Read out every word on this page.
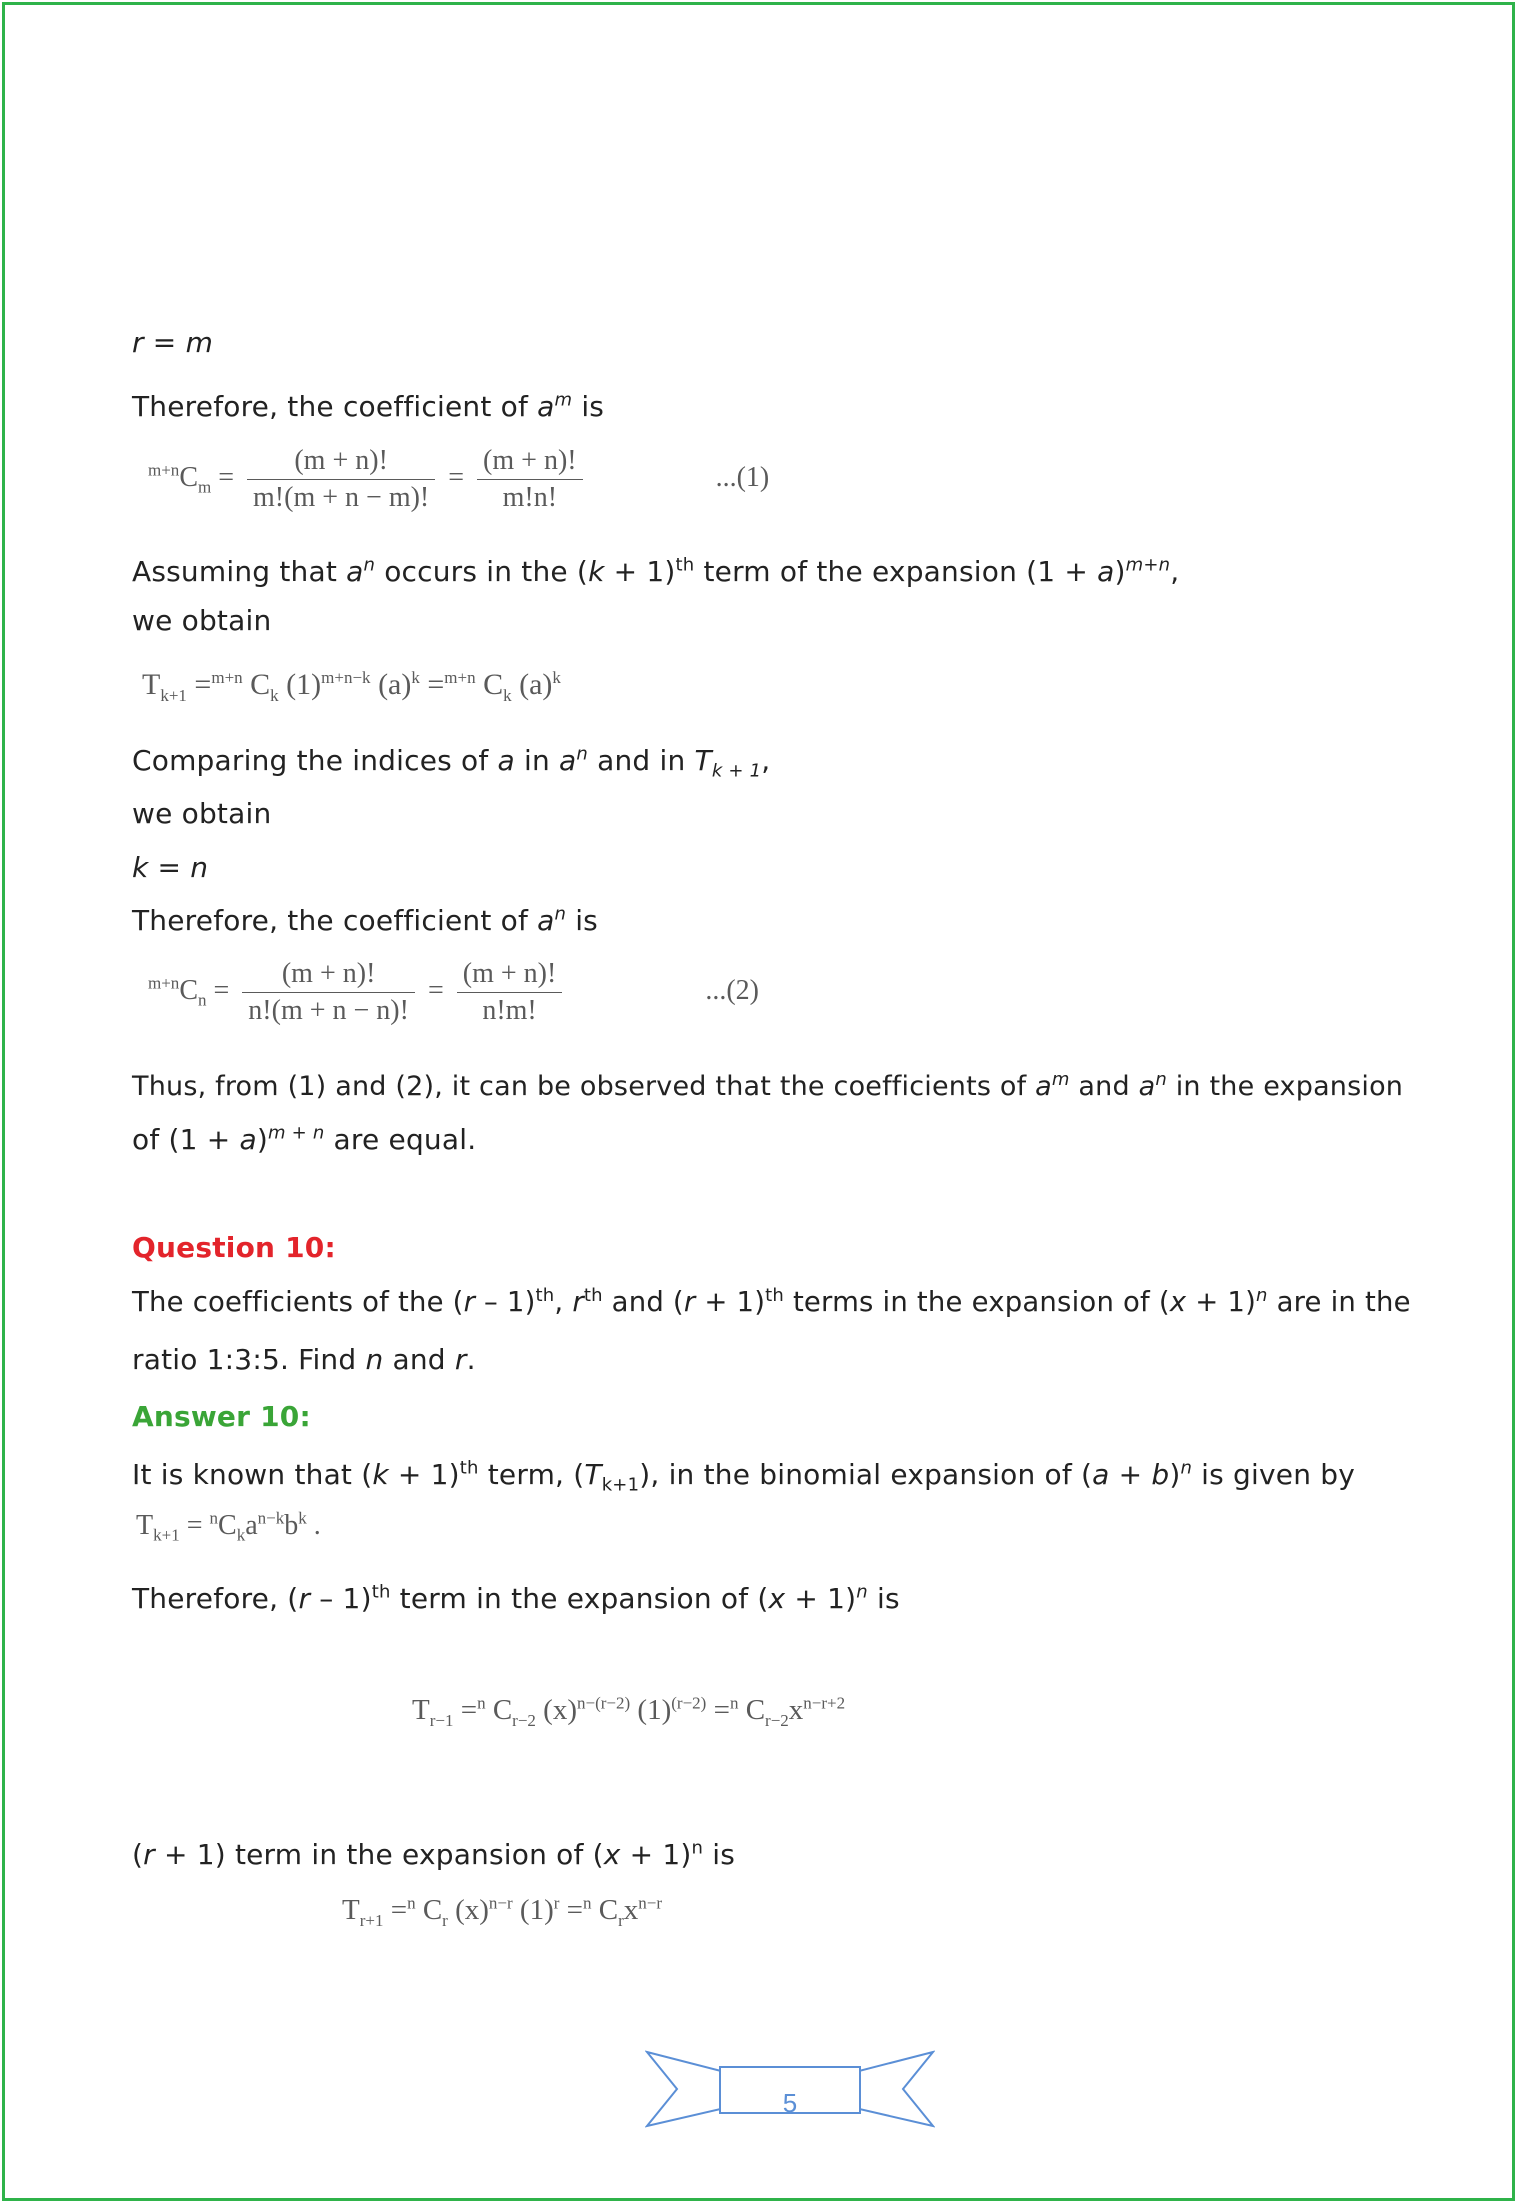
r = m
Therefore, the coefficient of $a^m$ is
$^{m+n}C_m = \frac{(m + n)!}{m!(m + n - m)!} = \frac{(m + n)!}{m!n!}$	...(1)
Assuming that $a^n$ occurs in the $(k + 1)^{th}$ term of the expansion $(1 + a)^{m+n}$,
we obtain
$T_{k+1} =^{m+n}$ $C_k$ $(1)^{m+n-k}$ $(a)^k =^{m+n}$ $C_k$ $(a)^k$
Comparing the indices of a in $a^n$ and in $T_{k + 1}$,
we obtain
k = n
Therefore, the coefficient of $a^n$ is
$^{m+n}C_n = \frac{(m + n)!}{n!(m + n - n)!} = \frac{(m + n)!}{n!m!}$	...(2)
Thus, from (1) and (2), it can be observed that the coefficients of $a^m$ and $a^n$ in the expansion
of $(1 + a)^{m + n}$ are equal.
Question 10:
The coefficients of the (r – 1)$^{th}$, $r^{th}$ and $(r + 1)^{th}$ terms in the expansion of $(x + 1)^n$ are in the
ratio 1:3:5. Find n and r.
Answer 10:
It is known that $(k + 1)^{th}$ term, $(T_{k+1})$, in the binomial expansion of $(a + b)^n$ is given by
$T_{k+1} = ^nC_ka^{n-k}b^k$ .
Therefore, (r – 1)$^{th}$ term in the expansion of $(x + 1)^n$ is
$T_{r-1} =^n$ $C_{r-2}$ $(x)^{n-(r-2)}$ $(1)^{(r-2)} =^n$ $C_{r-2}x^{n-r+2}$
(r + 1) term in the expansion of $(x + 1)^n$ is
$T_{r+1} =^n$ $C_r$ $(x)^{n-r}$ $(1)^r =^n$ $C_rx^{n-r}$
5
